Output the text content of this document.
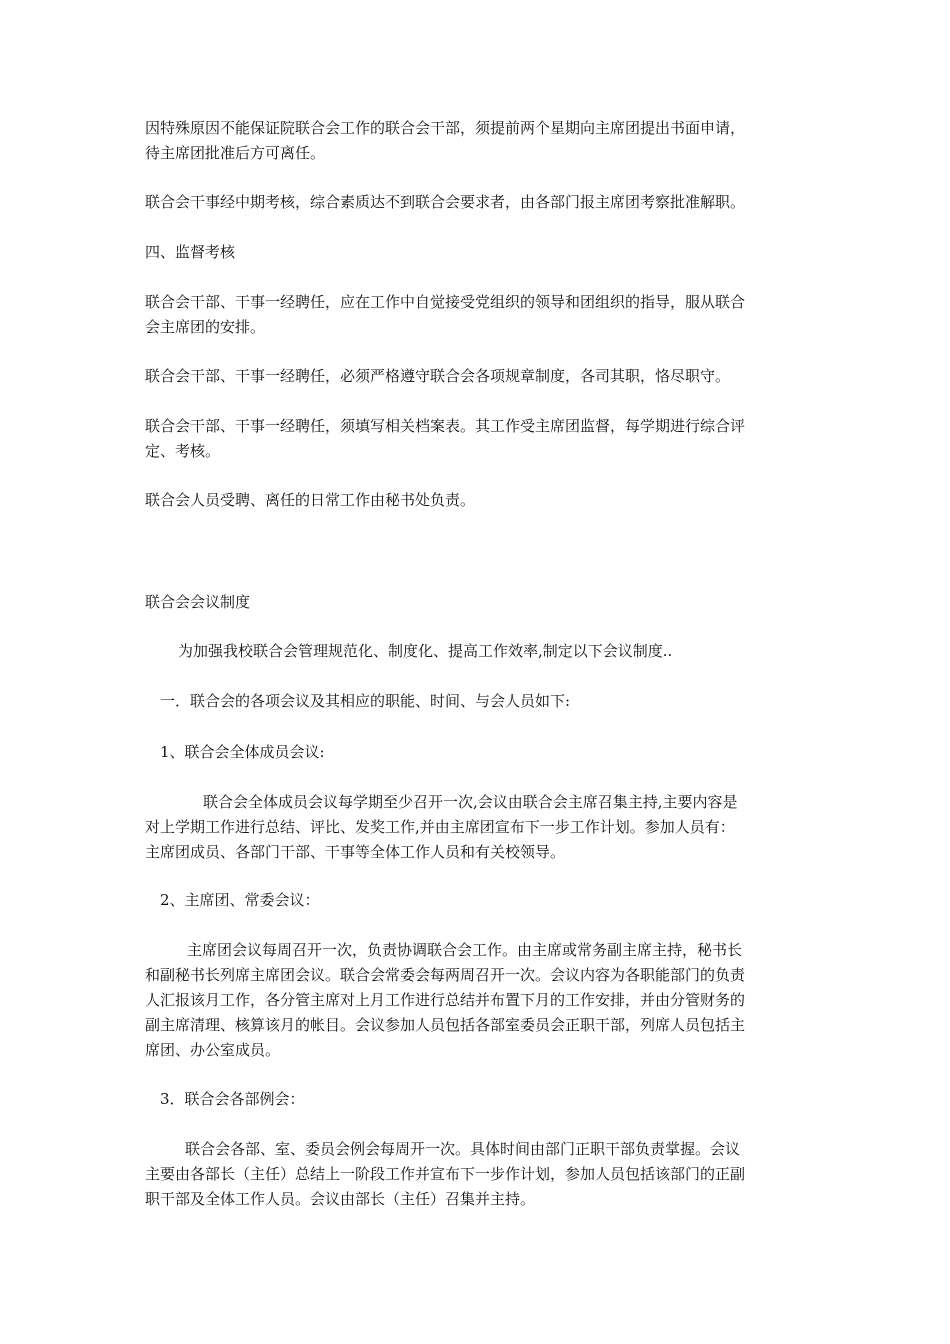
因特殊原因不能保证院联合会工作的联合会干部，须提前两个星期向主席团提出书面申请，
待主席团批准后方可离任。

联合会干事经中期考核，综合素质达不到联合会要求者，由各部门报主席团考察批准解职。

四、监督考核

联合会干部、干事一经聘任，应在工作中自觉接受党组织的领导和团组织的指导，服从联合
会主席团的安排。

联合会干部、干事一经聘任，必须严格遵守联合会各项规章制度，各司其职，恪尽职守。

联合会干部、干事一经聘任，须填写相关档案表。其工作受主席团监督，每学期进行综合评
定、考核。

联合会人员受聘、离任的日常工作由秘书处负责。

联合会会议制度

为加强我校联合会管理规范化、制度化、提高工作效率,制定以下会议制度..

一．联合会的各项会议及其相应的职能、时间、与会人员如下:

1、联合会全体成员会议:

联合会全体成员会议每学期至少召开一次,会议由联合会主席召集主持,主要内容是
对上学期工作进行总结、评比、发奖工作,并由主席团宣布下一步工作计划。参加人员有：
主席团成员、各部门干部、干事等全体工作人员和有关校领导。

2、主席团、常委会议：

主席团会议每周召开一次，负责协调联合会工作。由主席或常务副主席主持，秘书长
和副秘书长列席主席团会议。联合会常委会每两周召开一次。会议内容为各职能部门的负责
人汇报该月工作，各分管主席对上月工作进行总结并布置下月的工作安排，并由分管财务的
副主席清理、核算该月的帐目。会议参加人员包括各部室委员会正职干部，列席人员包括主
席团、办公室成员。

3．联合会各部例会：

联合会各部、室、委员会例会每周开一次。具体时间由部门正职干部负责掌握。会议
主要由各部长（主任）总结上一阶段工作并宣布下一步作计划，参加人员包括该部门的正副
职干部及全体工作人员。会议由部长（主任）召集并主持。
